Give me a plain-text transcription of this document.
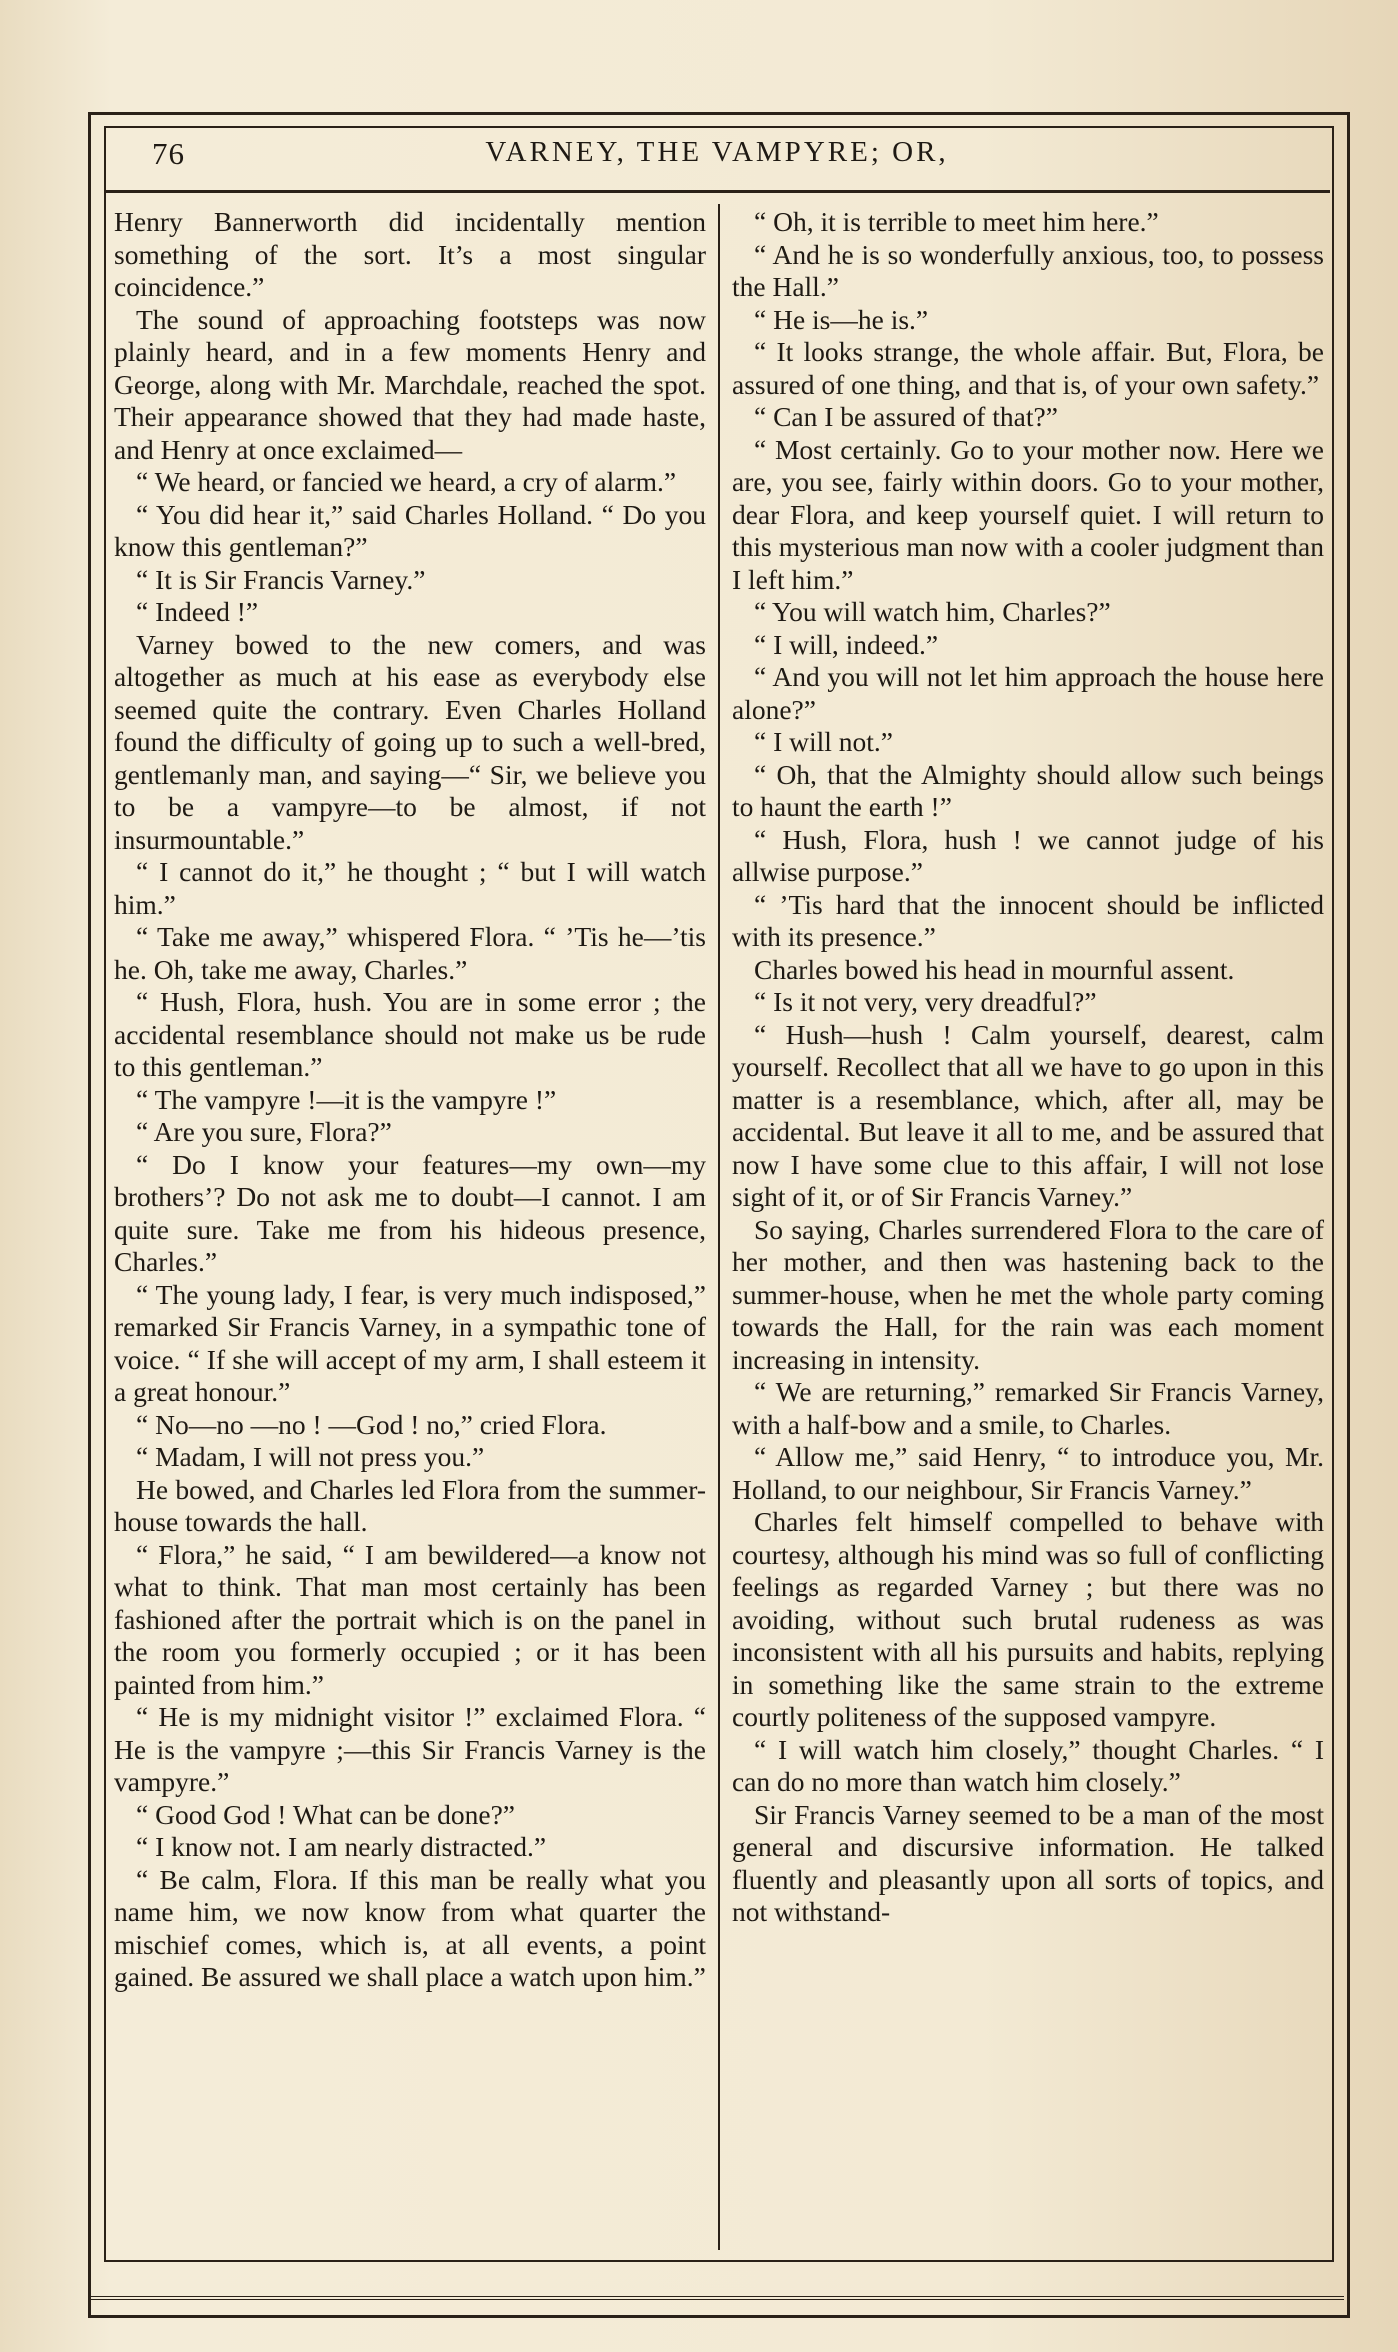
76	VARNEY, THE VAMPYRE; OR,

Henry Bannerworth did incidentally mention something of the sort. It’s a most singular coincidence.”

The sound of approaching footsteps was now plainly heard, and in a few moments Henry and George, along with Mr. Marchdale, reached the spot. Their appearance showed that they had made haste, and Henry at once exclaimed—

“ We heard, or fancied we heard, a cry of alarm.”

“ You did hear it,” said Charles Holland. “ Do you know this gentleman?”

“ It is Sir Francis Varney.”

“ Indeed !”

Varney bowed to the new comers, and was altogether as much at his ease as everybody else seemed quite the contrary. Even Charles Holland found the difficulty of going up to such a well-bred, gentlemanly man, and saying—“ Sir, we believe you to be a vampyre—to be almost, if not insurmountable.”

“ I cannot do it,” he thought ; “ but I will watch him.”

“ Take me away,” whispered Flora. “ ’Tis he—’tis he. Oh, take me away, Charles.”

“ Hush, Flora, hush. You are in some error ; the accidental resemblance should not make us be rude to this gentleman.”

“ The vampyre !—it is the vampyre !”

“ Are you sure, Flora?”

“ Do I know your features—my own—my brothers’? Do not ask me to doubt—I cannot. I am quite sure. Take me from his hideous presence, Charles.”

“ The young lady, I fear, is very much indisposed,” remarked Sir Francis Varney, in a sympathic tone of voice. “ If she will accept of my arm, I shall esteem it a great honour.”

“ No—no —no ! —God ! no,” cried Flora.

“ Madam, I will not press you.”

He bowed, and Charles led Flora from the summer-house towards the hall.

“ Flora,” he said, “ I am bewildered—a know not what to think. That man most certainly has been fashioned after the portrait which is on the panel in the room you formerly occupied ; or it has been painted from him.”

“ He is my midnight visitor !” exclaimed Flora. “ He is the vampyre ;—this Sir Francis Varney is the vampyre.”

“ Good God ! What can be done?”

“ I know not. I am nearly distracted.”

“ Be calm, Flora. If this man be really what you name him, we now know from what quarter the mischief comes, which is, at all events, a point gained. Be assured we shall place a watch upon him.”

“ Oh, it is terrible to meet him here.”

“ And he is so wonderfully anxious, too, to possess the Hall.”

“ He is—he is.”

“ It looks strange, the whole affair. But, Flora, be assured of one thing, and that is, of your own safety.”

“ Can I be assured of that?”

“ Most certainly. Go to your mother now. Here we are, you see, fairly within doors. Go to your mother, dear Flora, and keep yourself quiet. I will return to this mysterious man now with a cooler judgment than I left him.”

“ You will watch him, Charles?”

“ I will, indeed.”

“ And you will not let him approach the house here alone?”

“ I will not.”

“ Oh, that the Almighty should allow such beings to haunt the earth !”

“ Hush, Flora, hush ! we cannot judge of his allwise purpose.”

“ ’Tis hard that the innocent should be inflicted with its presence.”

Charles bowed his head in mournful assent.

“ Is it not very, very dreadful?”

“ Hush—hush ! Calm yourself, dearest, calm yourself. Recollect that all we have to go upon in this matter is a resemblance, which, after all, may be accidental. But leave it all to me, and be assured that now I have some clue to this affair, I will not lose sight of it, or of Sir Francis Varney.”

So saying, Charles surrendered Flora to the care of her mother, and then was hastening back to the summer-house, when he met the whole party coming towards the Hall, for the rain was each moment increasing in intensity.

“ We are returning,” remarked Sir Francis Varney, with a half-bow and a smile, to Charles.

“ Allow me,” said Henry, “ to introduce you, Mr. Holland, to our neighbour, Sir Francis Varney.”

Charles felt himself compelled to behave with courtesy, although his mind was so full of conflicting feelings as regarded Varney ; but there was no avoiding, without such brutal rudeness as was inconsistent with all his pursuits and habits, replying in something like the same strain to the extreme courtly politeness of the supposed vampyre.

“ I will watch him closely,” thought Charles. “ I can do no more than watch him closely.”

Sir Francis Varney seemed to be a man of the most general and discursive information. He talked fluently and pleasantly upon all sorts of topics, and not withstand-
